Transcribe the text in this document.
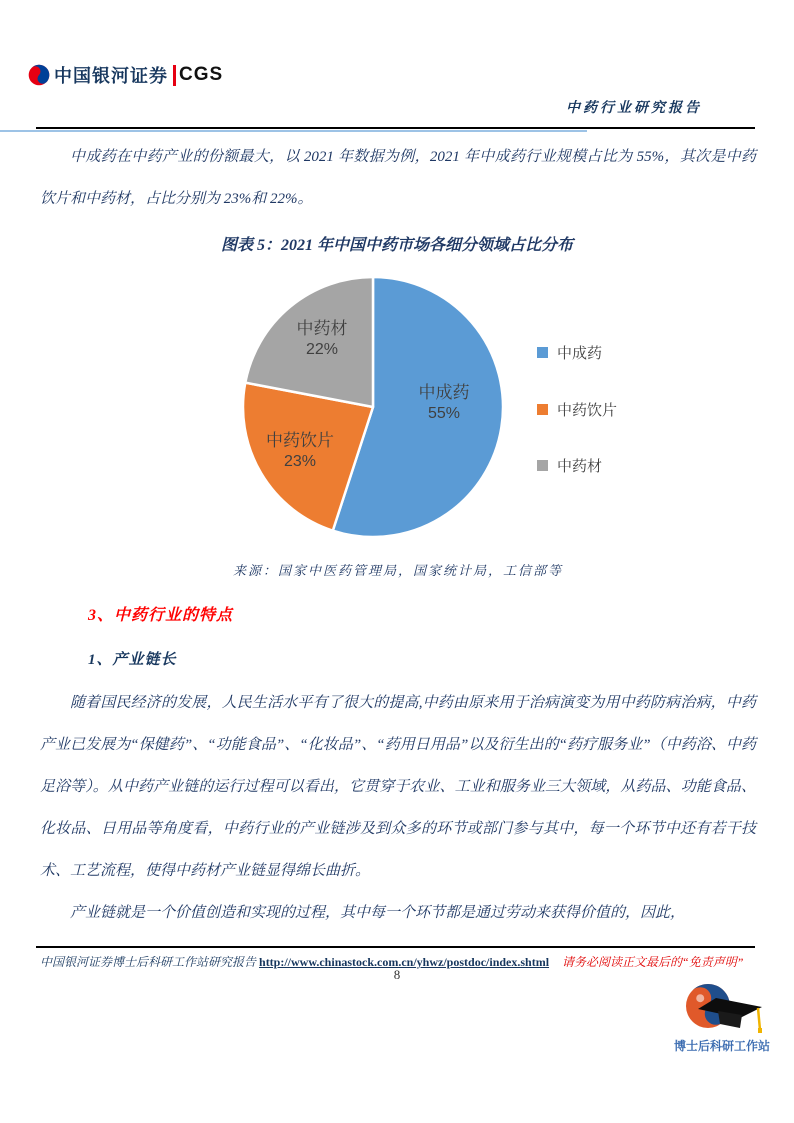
中国银河证券 CGS
中药行业研究报告

中成药在中药产业的份额最大，以 2021 年数据为例，2021 年中成药行业规模占比为 55%，其次是中药饮片和中药材，占比分别为 23%和 22%。

图表 5：2021 年中国中药市场各细分领域占比分布
中成药
55%
中药饮片
23%
中药材
22%	中成药
中药饮片
中药材
来源：国家中医药管理局，国家统计局，工信部等
3、中药行业的特点
1、产业链长

随着国民经济的发展，人民生活水平有了很大的提高,中药由原来用于治病演变为用中药防病治病，中药产业已发展为“保健药”、“功能食品”、“化妆品”、“药用日用品”以及衍生出的“药疗服务业”（中药浴、中药足浴等）。从中药产业链的运行过程可以看出，它贯穿于农业、工业和服务业三大领域，从药品、功能食品、化妆品、日用品等角度看，中药行业的产业链涉及到众多的环节或部门参与其中，每一个环节中还有若干技术、工艺流程，使得中药材产业链显得绵长曲折。

产业链就是一个价值创造和实现的过程，其中每一个环节都是通过劳动来获得价值的，因此，

中国银河证券博士后科研工作站研究报告 http://www.chinastock.com.cn/yhwz/postdoc/index.shtml 请务必阅读正文最后的“免责声明”
8
博士后科研工作站
